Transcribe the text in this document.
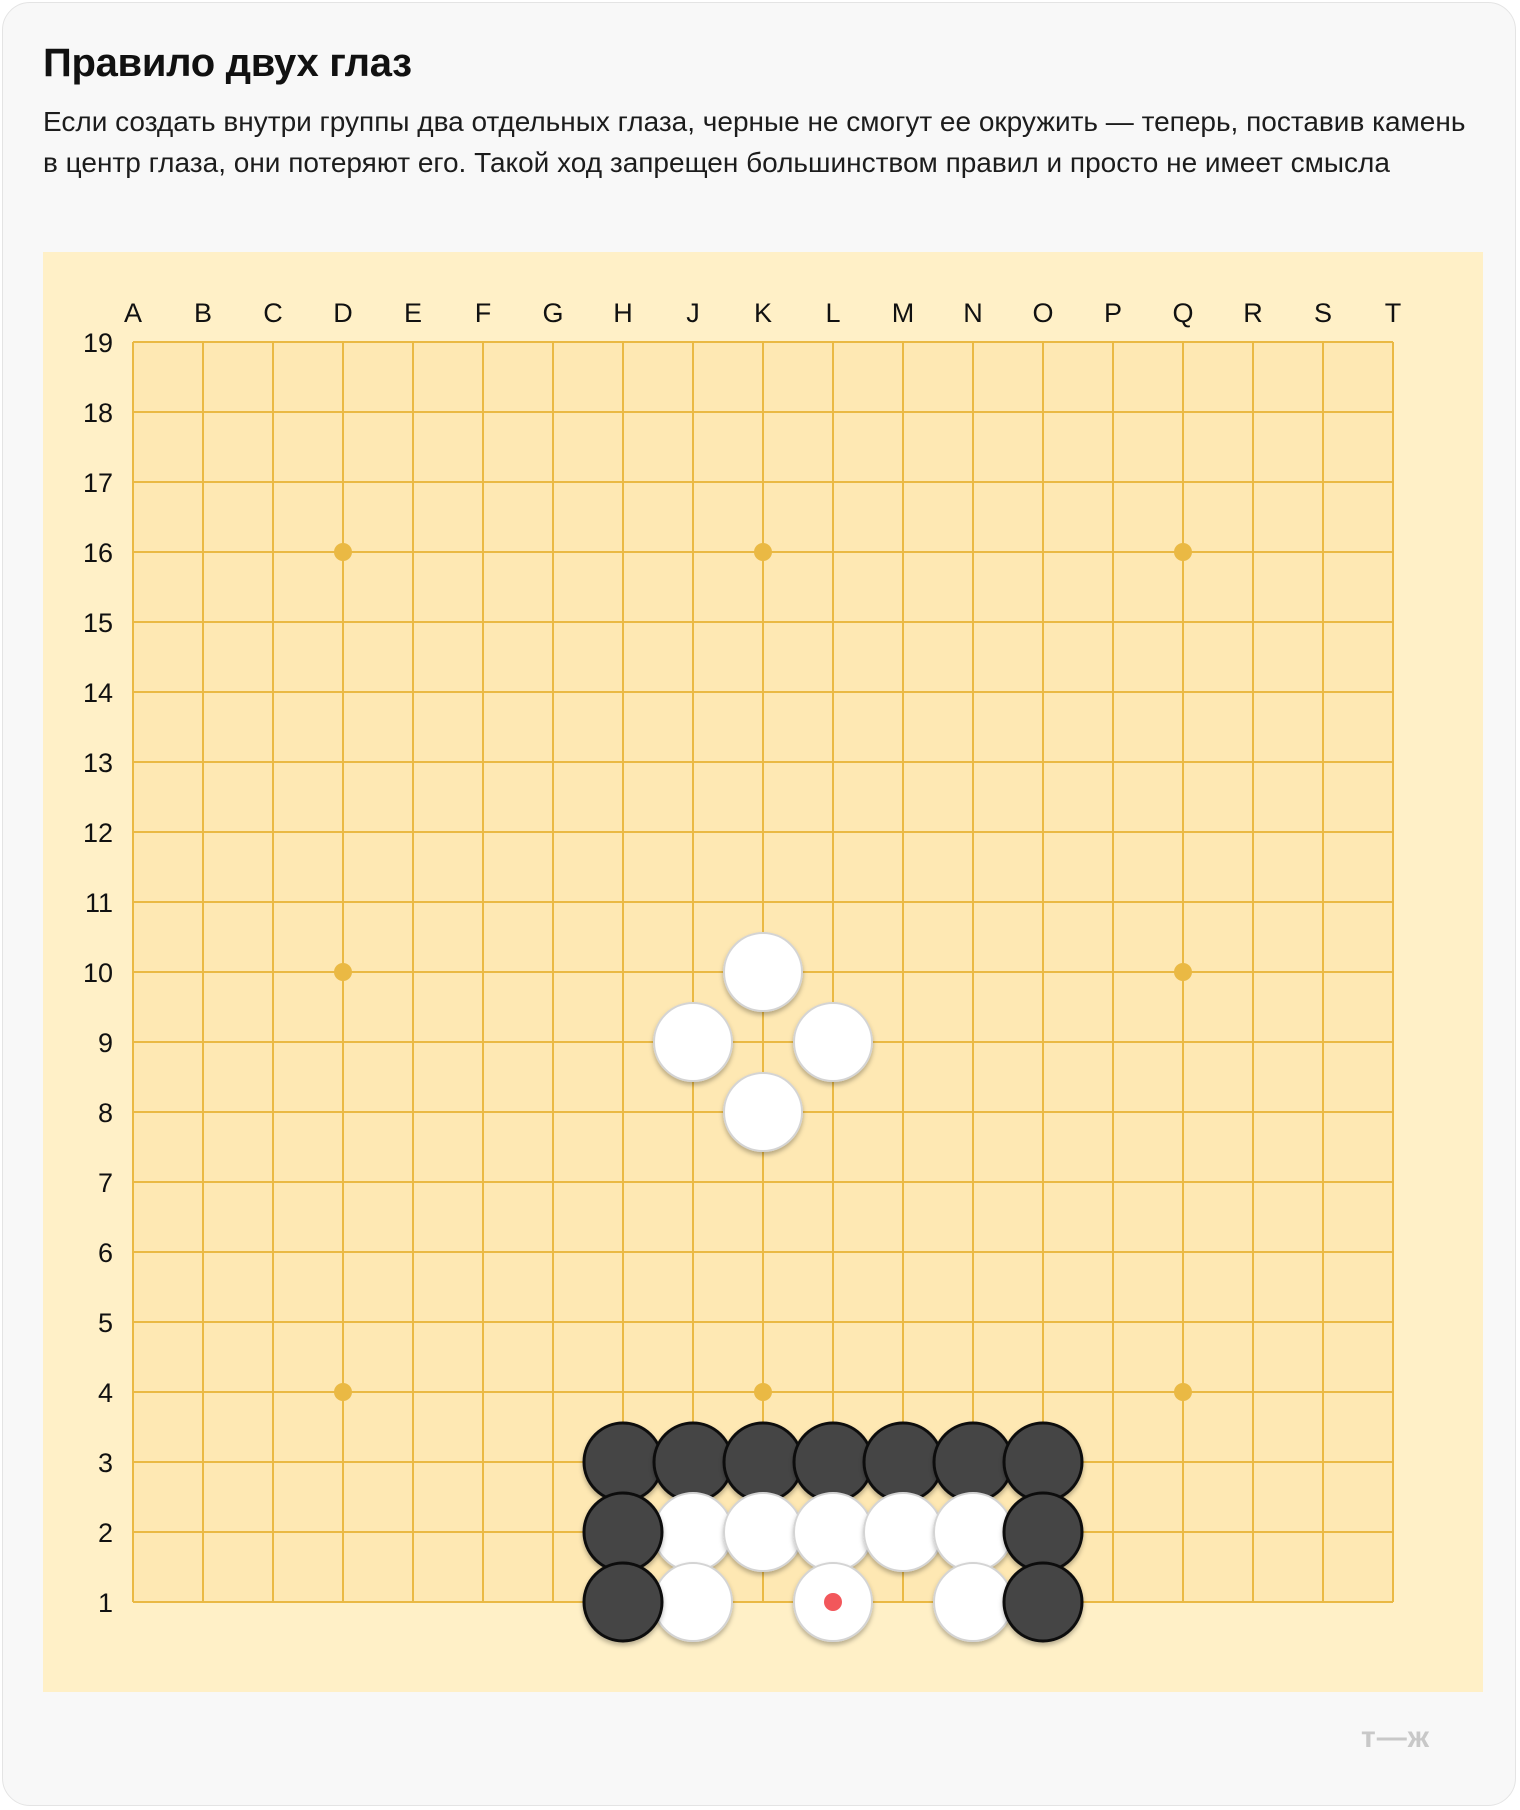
Правило двух глаз
Если создать внутри группы два отдельных глаза, черные не смогут ее окружить — теперь, поставив камень в центр глаза, они потеряют его. Такой ход запрещен большинством правил и просто не имеет смысла
A B C D E F G H J K L M N O P Q R S T
19
18
17
16
15
14
13
12
11
10
9
8
7
6
5
4
3
2
1
т—ж
